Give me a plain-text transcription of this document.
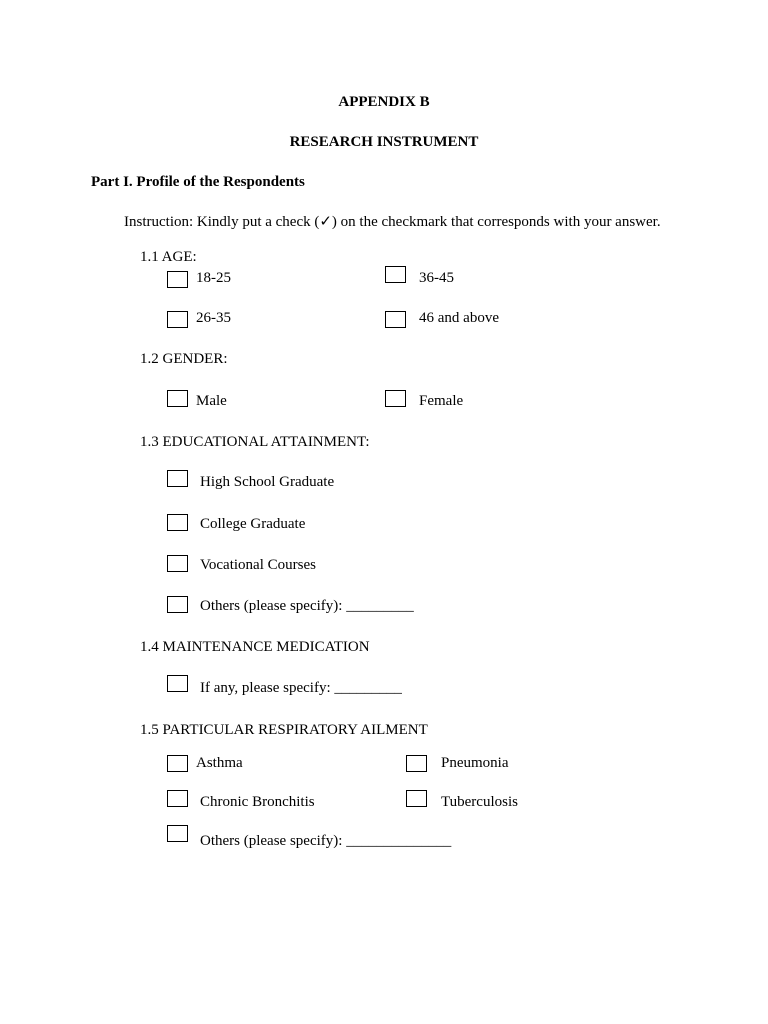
APPENDIX B
RESEARCH INSTRUMENT
Part I. Profile of the Respondents
Instruction: Kindly put a check (✓) on the checkmark that corresponds with your answer.
1.1 AGE:
18-25	36-45
26-35	46 and above
1.2 GENDER:
Male	Female
1.3 EDUCATIONAL ATTAINMENT:
High School Graduate
College Graduate
Vocational Courses
Others (please specify): _________
1.4 MAINTENANCE MEDICATION
If any, please specify: _________
1.5 PARTICULAR RESPIRATORY AILMENT
Asthma	Pneumonia
Chronic Bronchitis	Tuberculosis
Others (please specify): ______________
